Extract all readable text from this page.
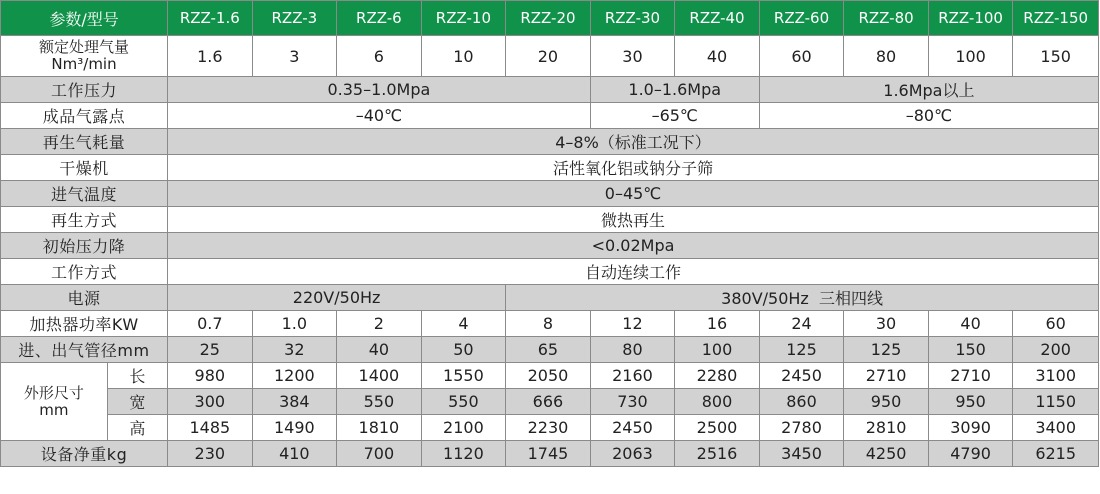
参数/型号		RZZ-1.6	RZZ-3	RZZ-6	RZZ-10	RZZ-20	RZZ-30	RZZ-40	RZZ-60	RZZ-80	RZZ-100	RZZ-150

额定处理气量
Nm³/min		1.6	3	6	10	20	30	40	60	80	100	150
工作压力		0.35–1.0Mpa					1.0–1.6Mpa		1.6Mpa以上			
成品气露点		–40℃					–65℃		–80℃			
再生气耗量		4–8%（标准工况下）										
干燥机		活性氧化铝或钠分子筛										
进气温度		0–45℃										
再生方式		微热再生										
初始压力降		<0.02Mpa										
工作方式		自动连续工作										
电源		220V/50Hz				380V/50Hz  三相四线						
加热器功率KW		0.7	1.0	2	4	8	12	16	24	30	40	60
进、出气管径mm		25	32	40	50	65	80	100	125	125	150	200

外形尺寸
mm	长	980	1200	1400	1550	2050	2160	2280	2450	2710	2710	3100
	宽	300	384	550	550	666	730	800	860	950	950	1150
	高	1485	1490	1810	2100	2230	2450	2500	2780	2810	3090	3400
设备净重kg		230	410	700	1120	1745	2063	2516	3450	4250	4790	6215
